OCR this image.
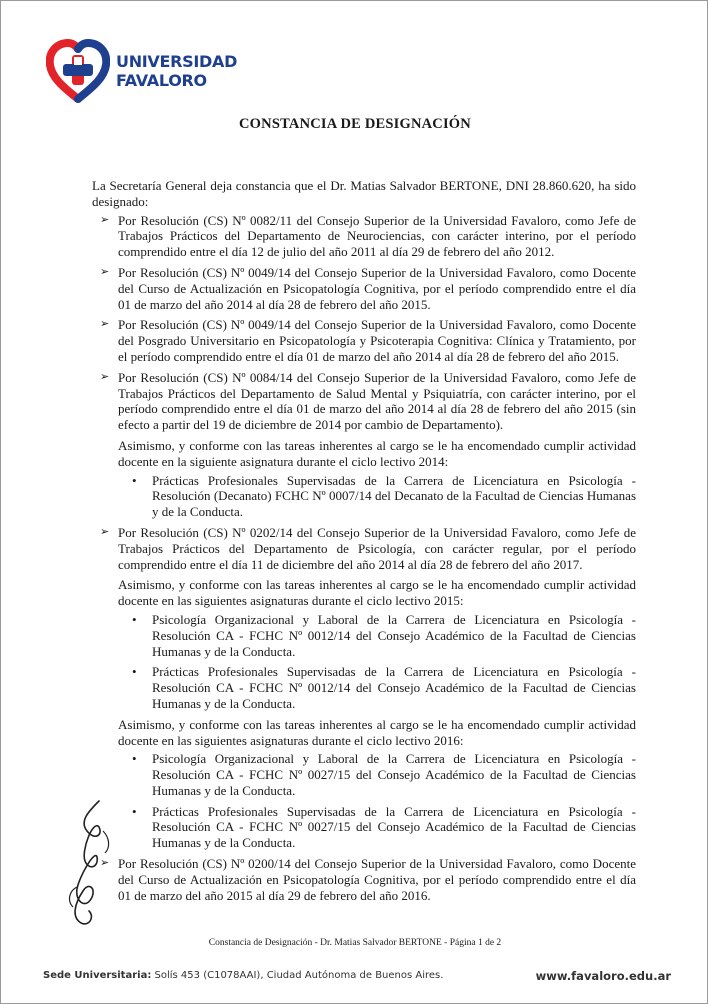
UNIVERSIDAD
FAVALORO
CONSTANCIA DE DESIGNACIÓN

La Secretaría General deja constancia que el Dr. Matias Salvador BERTONE, DNI 28.860.620, ha sido designado:

➢ Por Resolución (CS) Nº 0082/11 del Consejo Superior de la Universidad Favaloro, como Jefe de Trabajos Prácticos del Departamento de Neurociencias, con carácter interino, por el período comprendido entre el día 12 de julio del año 2011 al día 29 de febrero del año 2012.
➢ Por Resolución (CS) Nº 0049/14 del Consejo Superior de la Universidad Favaloro, como Docente del Curso de Actualización en Psicopatología Cognitiva, por el período comprendido entre el día 01 de marzo del año 2014 al día 28 de febrero del año 2015.
➢ Por Resolución (CS) Nº 0049/14 del Consejo Superior de la Universidad Favaloro, como Docente del Posgrado Universitario en Psicopatología y Psicoterapia Cognitiva: Clínica y Tratamiento, por el período comprendido entre el día 01 de marzo del año 2014 al día 28 de febrero del año 2015.
➢ Por Resolución (CS) Nº 0084/14 del Consejo Superior de la Universidad Favaloro, como Jefe de Trabajos Prácticos del Departamento de Salud Mental y Psiquiatría, con carácter interino, por el período comprendido entre el día 01 de marzo del año 2014 al día 28 de febrero del año 2015 (sin efecto a partir del 19 de diciembre de 2014 por cambio de Departamento).

Asimismo, y conforme con las tareas inherentes al cargo se le ha encomendado cumplir actividad docente en la siguiente asignatura durante el ciclo lectivo 2014:

• Prácticas Profesionales Supervisadas de la Carrera de Licenciatura en Psicología - Resolución (Decanato) FCHC Nº 0007/14 del Decanato de la Facultad de Ciencias Humanas y de la Conducta.
➢ Por Resolución (CS) Nº 0202/14 del Consejo Superior de la Universidad Favaloro, como Jefe de Trabajos Prácticos del Departamento de Psicología, con carácter regular, por el período comprendido entre el día 11 de diciembre del año 2014 al día 28 de febrero del año 2017.

Asimismo, y conforme con las tareas inherentes al cargo se le ha encomendado cumplir actividad docente en las siguientes asignaturas durante el ciclo lectivo 2015:

• Psicología Organizacional y Laboral de la Carrera de Licenciatura en Psicología - Resolución CA - FCHC Nº 0012/14 del Consejo Académico de la Facultad de Ciencias Humanas y de la Conducta.
• Prácticas Profesionales Supervisadas de la Carrera de Licenciatura en Psicología - Resolución CA - FCHC Nº 0012/14 del Consejo Académico de la Facultad de Ciencias Humanas y de la Conducta.

Asimismo, y conforme con las tareas inherentes al cargo se le ha encomendado cumplir actividad docente en las siguientes asignaturas durante el ciclo lectivo 2016:

• Psicología Organizacional y Laboral de la Carrera de Licenciatura en Psicología - Resolución CA - FCHC Nº 0027/15 del Consejo Académico de la Facultad de Ciencias Humanas y de la Conducta.
• Prácticas Profesionales Supervisadas de la Carrera de Licenciatura en Psicología - Resolución CA - FCHC Nº 0027/15 del Consejo Académico de la Facultad de Ciencias Humanas y de la Conducta.
➢ Por Resolución (CS) Nº 0200/14 del Consejo Superior de la Universidad Favaloro, como Docente del Curso de Actualización en Psicopatología Cognitiva, por el período comprendido entre el día 01 de marzo del año 2015 al día 29 de febrero del año 2016.
Constancia de Designación - Dr. Matias Salvador BERTONE - Página 1 de 2
Sede Universitaria: Solís 453 (C1078AAI), Ciudad Autónoma de Buenos Aires.	www.favaloro.edu.ar
